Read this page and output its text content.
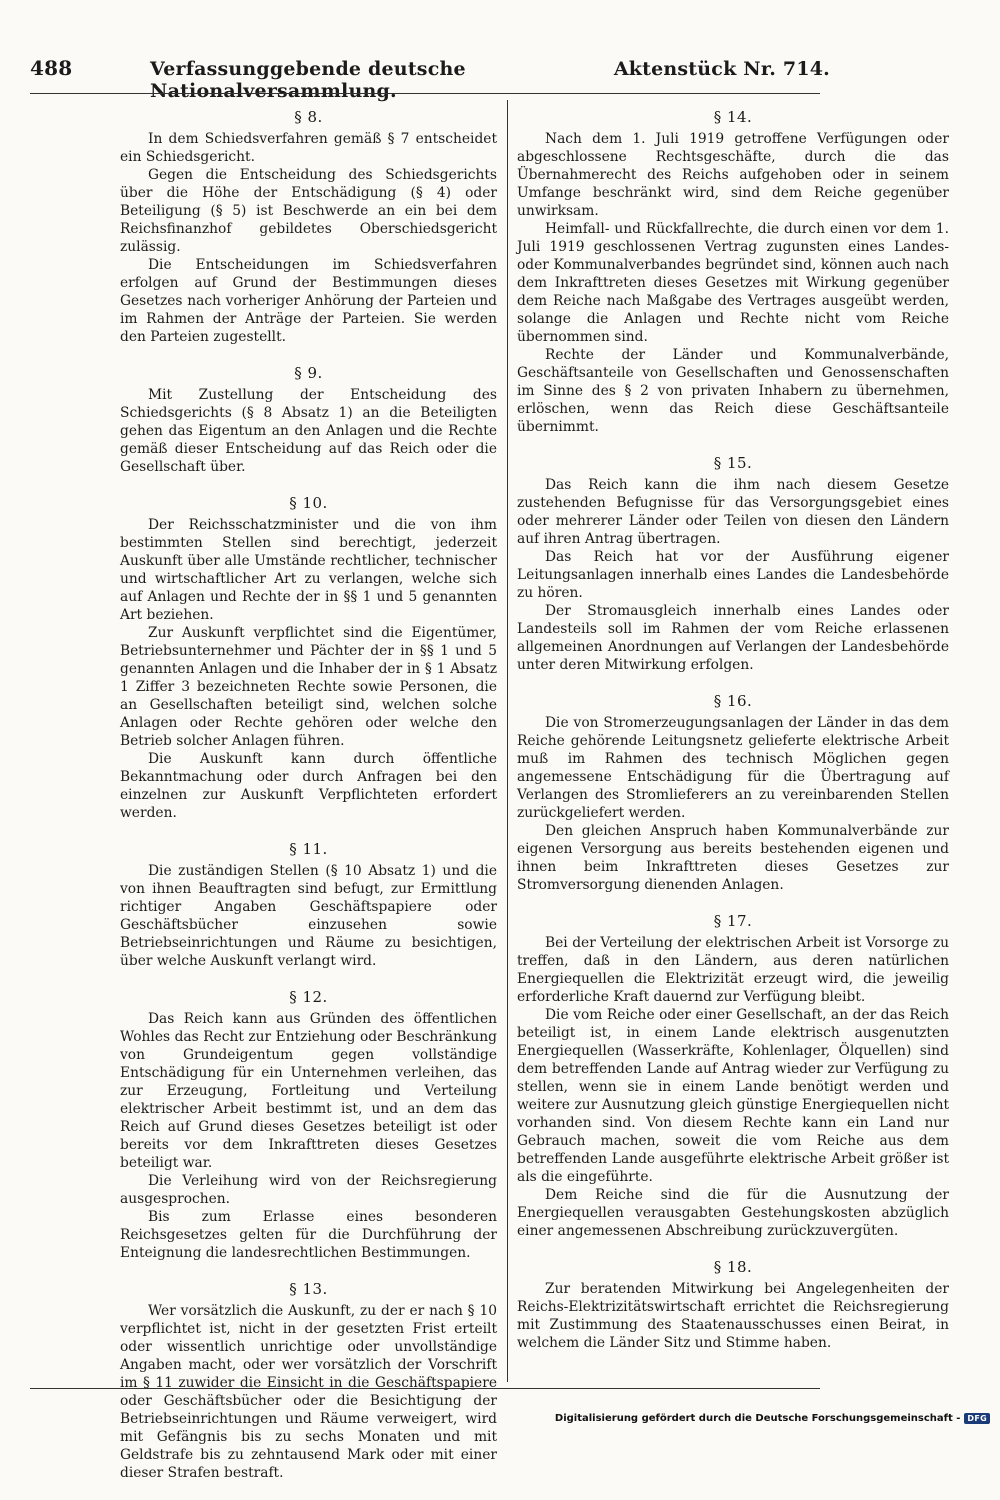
488	Verfassunggebende deutsche Nationalversammlung.
Aktenstück Nr. 714.
§ 8.

In dem Schiedsverfahren gemäß § 7 entscheidet ein Schiedsgericht.

Gegen die Entscheidung des Schiedsgerichts über die Höhe der Entschädigung (§ 4) oder Beteiligung (§ 5) ist Beschwerde an ein bei dem Reichsfinanzhof gebildetes Oberschiedsgericht zulässig.

Die Entscheidungen im Schiedsverfahren erfolgen auf Grund der Bestimmungen dieses Gesetzes nach vorheriger Anhörung der Parteien und im Rahmen der Anträge der Parteien. Sie werden den Parteien zugestellt.

§ 9.

Mit Zustellung der Entscheidung des Schiedsgerichts (§ 8 Absatz 1) an die Beteiligten gehen das Eigentum an den Anlagen und die Rechte gemäß dieser Entscheidung auf das Reich oder die Gesellschaft über.

§ 10.

Der Reichsschatzminister und die von ihm bestimmten Stellen sind berechtigt, jederzeit Auskunft über alle Umstände rechtlicher, technischer und wirtschaftlicher Art zu verlangen, welche sich auf Anlagen und Rechte der in §§ 1 und 5 genannten Art beziehen.

Zur Auskunft verpflichtet sind die Eigentümer, Betriebsunternehmer und Pächter der in §§ 1 und 5 genannten Anlagen und die Inhaber der in § 1 Absatz 1 Ziffer 3 bezeichneten Rechte sowie Personen, die an Gesellschaften beteiligt sind, welchen solche Anlagen oder Rechte gehören oder welche den Betrieb solcher Anlagen führen.

Die Auskunft kann durch öffentliche Bekanntmachung oder durch Anfragen bei den einzelnen zur Auskunft Verpflichteten erfordert werden.

§ 11.

Die zuständigen Stellen (§ 10 Absatz 1) und die von ihnen Beauftragten sind befugt, zur Ermittlung richtiger Angaben Geschäftspapiere oder Geschäftsbücher einzusehen sowie Betriebseinrichtungen und Räume zu besichtigen, über welche Auskunft verlangt wird.

§ 12.

Das Reich kann aus Gründen des öffentlichen Wohles das Recht zur Entziehung oder Beschränkung von Grundeigentum gegen vollständige Entschädigung für ein Unternehmen verleihen, das zur Erzeugung, Fortleitung und Verteilung elektrischer Arbeit bestimmt ist, und an dem das Reich auf Grund dieses Gesetzes beteiligt ist oder bereits vor dem Inkrafttreten dieses Gesetzes beteiligt war.

Die Verleihung wird von der Reichsregierung ausgesprochen.

Bis zum Erlasse eines besonderen Reichsgesetzes gelten für die Durchführung der Enteignung die landesrechtlichen Bestimmungen.

§ 13.

Wer vorsätzlich die Auskunft, zu der er nach § 10 verpflichtet ist, nicht in der gesetzten Frist erteilt oder wissentlich unrichtige oder unvollständige Angaben macht, oder wer vorsätzlich der Vorschrift im § 11 zuwider die Einsicht in die Geschäftspapiere oder Geschäftsbücher oder die Besichtigung der Betriebseinrichtungen und Räume verweigert, wird mit Gefängnis bis zu sechs Monaten und mit Geldstrafe bis zu zehntausend Mark oder mit einer dieser Strafen bestraft.

§ 14.

Nach dem 1. Juli 1919 getroffene Verfügungen oder abgeschlossene Rechtsgeschäfte, durch die das Übernahmerecht des Reichs aufgehoben oder in seinem Umfange beschränkt wird, sind dem Reiche gegenüber unwirksam.

Heimfall- und Rückfallrechte, die durch einen vor dem 1. Juli 1919 geschlossenen Vertrag zugunsten eines Landes- oder Kommunalverbandes begründet sind, können auch nach dem Inkrafttreten dieses Gesetzes mit Wirkung gegenüber dem Reiche nach Maßgabe des Vertrages ausgeübt werden, solange die Anlagen und Rechte nicht vom Reiche übernommen sind.

Rechte der Länder und Kommunalverbände, Geschäftsanteile von Gesellschaften und Genossenschaften im Sinne des § 2 von privaten Inhabern zu übernehmen, erlöschen, wenn das Reich diese Geschäftsanteile übernimmt.

§ 15.

Das Reich kann die ihm nach diesem Gesetze zustehenden Befugnisse für das Versorgungsgebiet eines oder mehrerer Länder oder Teilen von diesen den Ländern auf ihren Antrag übertragen.

Das Reich hat vor der Ausführung eigener Leitungsanlagen innerhalb eines Landes die Landesbehörde zu hören.

Der Stromausgleich innerhalb eines Landes oder Landesteils soll im Rahmen der vom Reiche erlassenen allgemeinen Anordnungen auf Verlangen der Landesbehörde unter deren Mitwirkung erfolgen.

§ 16.

Die von Stromerzeugungsanlagen der Länder in das dem Reiche gehörende Leitungsnetz gelieferte elektrische Arbeit muß im Rahmen des technisch Möglichen gegen angemessene Entschädigung für die Übertragung auf Verlangen des Stromlieferers an zu vereinbarenden Stellen zurückgeliefert werden.

Den gleichen Anspruch haben Kommunalverbände zur eigenen Versorgung aus bereits bestehenden eigenen und ihnen beim Inkrafttreten dieses Gesetzes zur Stromversorgung dienenden Anlagen.

§ 17.

Bei der Verteilung der elektrischen Arbeit ist Vorsorge zu treffen, daß in den Ländern, aus deren natürlichen Energiequellen die Elektrizität erzeugt wird, die jeweilig erforderliche Kraft dauernd zur Verfügung bleibt.

Die vom Reiche oder einer Gesellschaft, an der das Reich beteiligt ist, in einem Lande elektrisch ausgenutzten Energiequellen (Wasserkräfte, Kohlenlager, Ölquellen) sind dem betreffenden Lande auf Antrag wieder zur Verfügung zu stellen, wenn sie in einem Lande benötigt werden und weitere zur Ausnutzung gleich günstige Energiequellen nicht vorhanden sind. Von diesem Rechte kann ein Land nur Gebrauch machen, soweit die vom Reiche aus dem betreffenden Lande ausgeführte elektrische Arbeit größer ist als die eingeführte.

Dem Reiche sind die für die Ausnutzung der Energiequellen verausgabten Gestehungskosten abzüglich einer angemessenen Abschreibung zurückzuvergüten.

§ 18.

Zur beratenden Mitwirkung bei Angelegenheiten der Reichs-Elektrizitätswirtschaft errichtet die Reichsregierung mit Zustimmung des Staatenausschusses einen Beirat, in welchem die Länder Sitz und Stimme haben.

Digitalisierung gefördert durch die Deutsche Forschungsgemeinschaft - DFG
